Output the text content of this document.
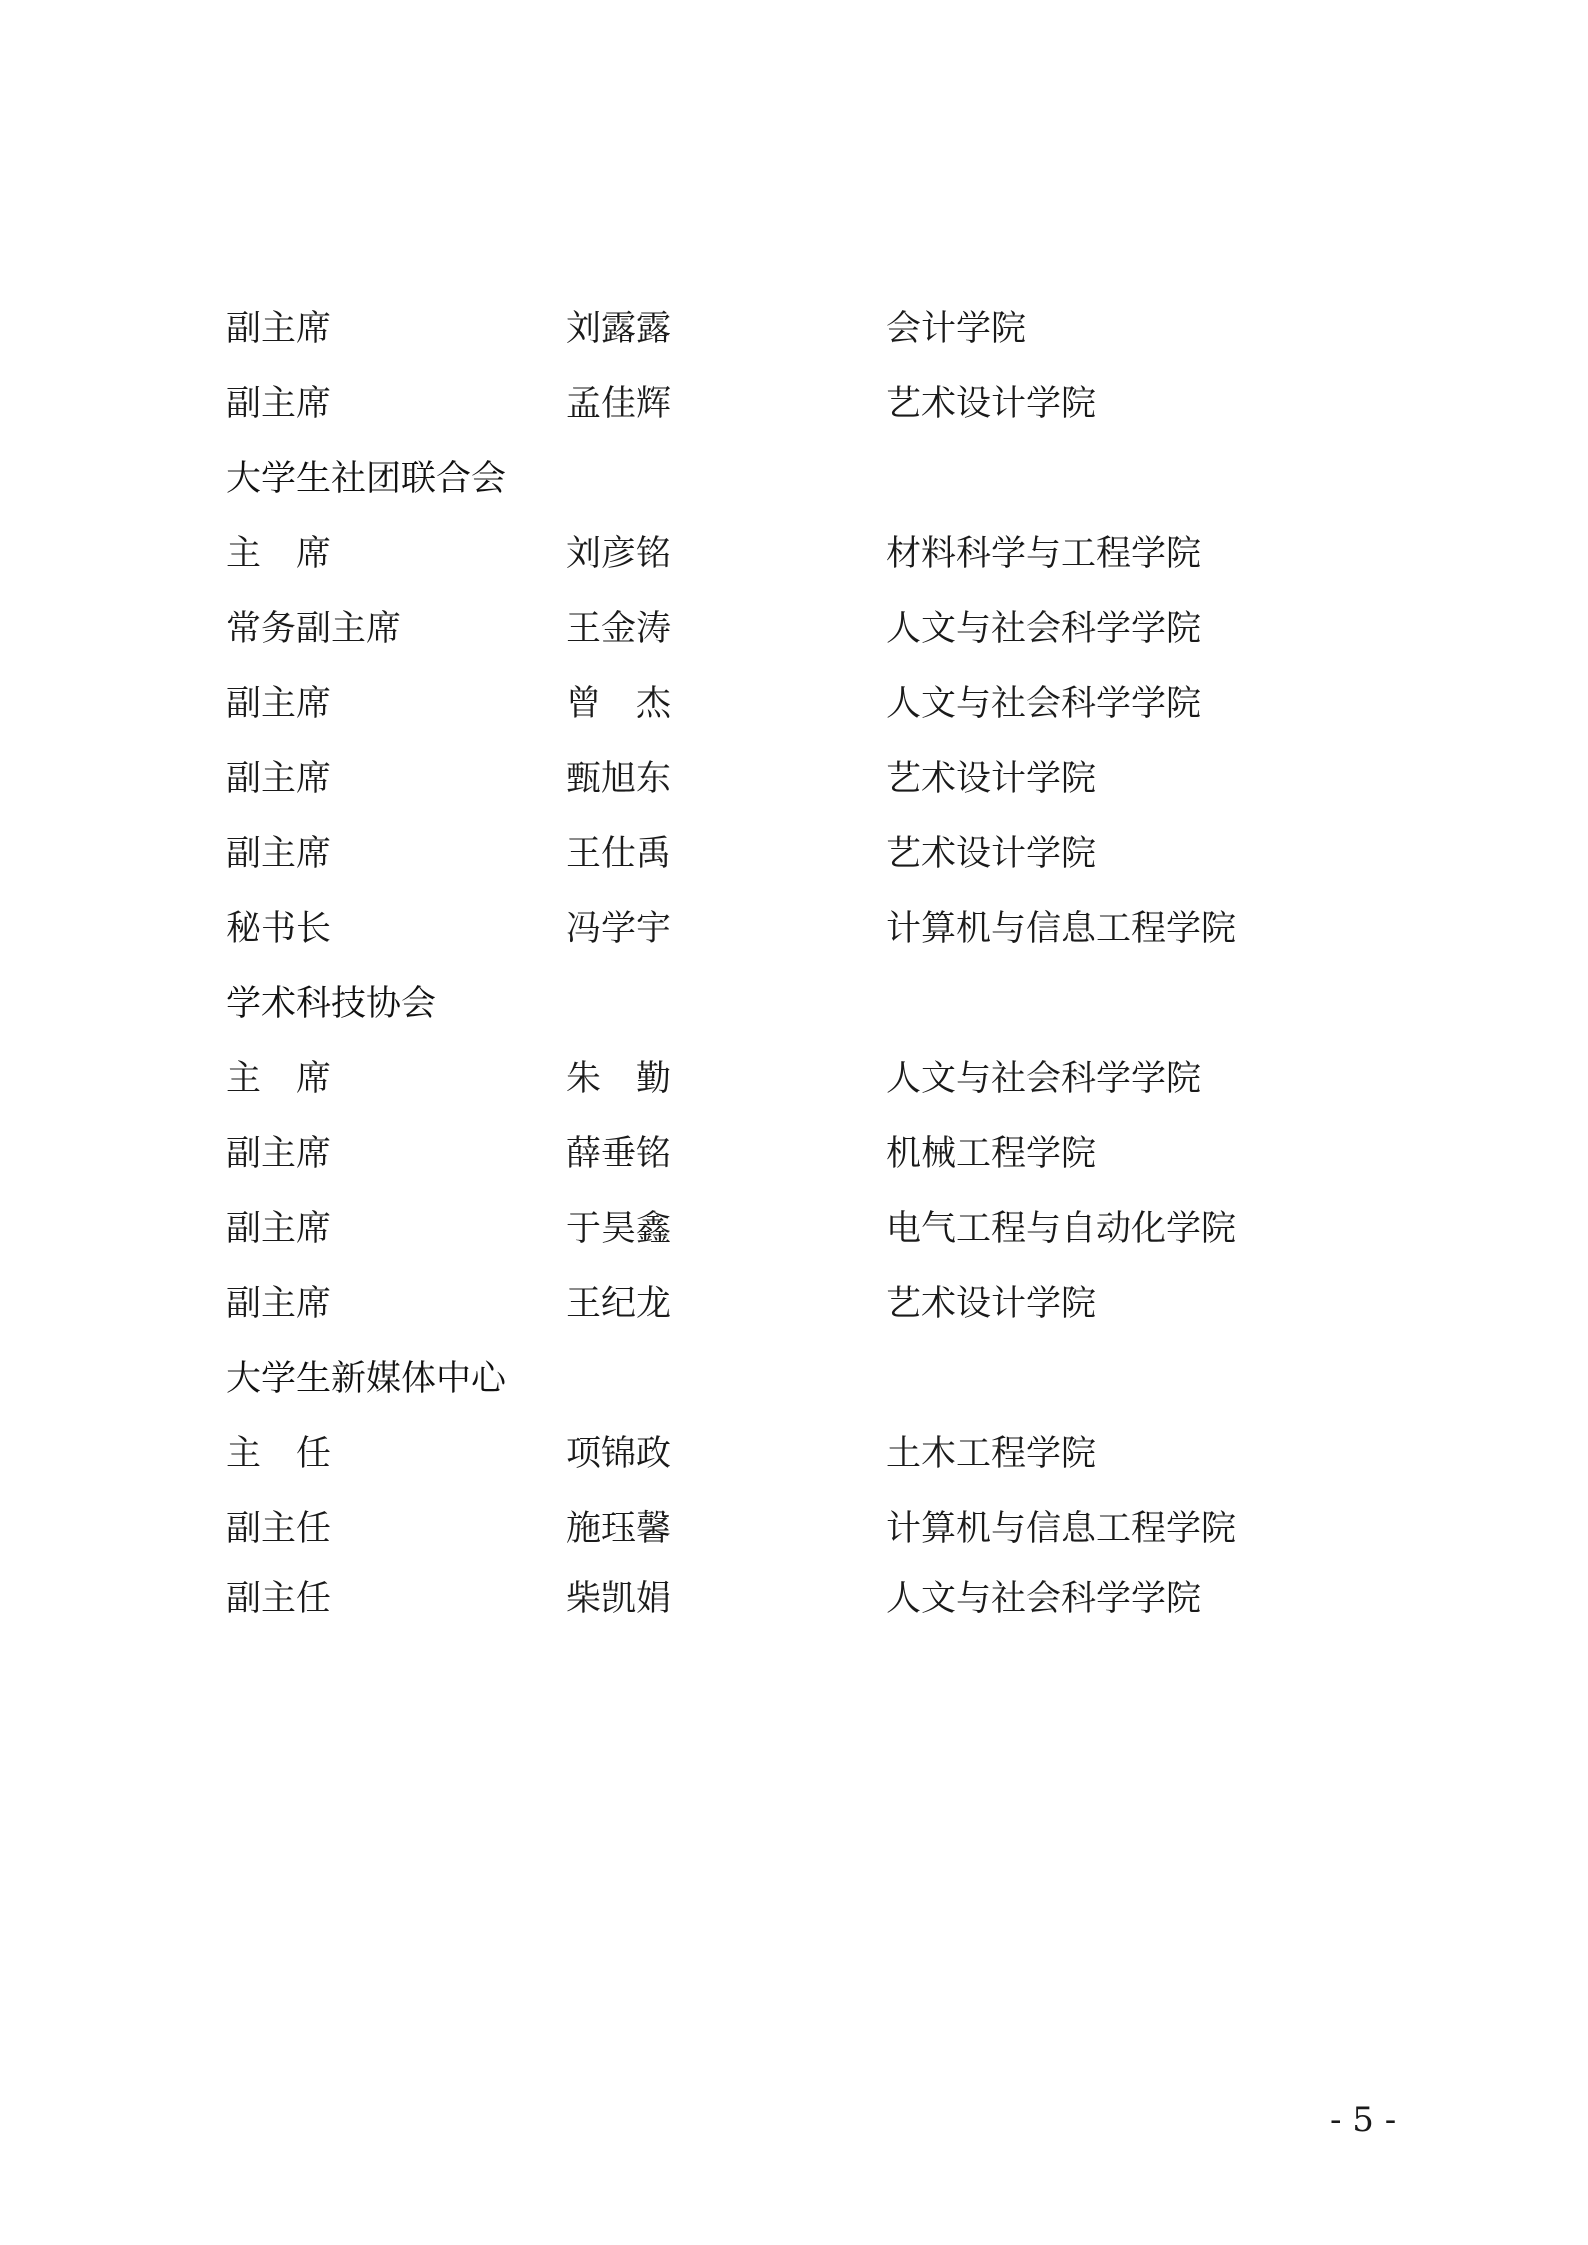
副主席	刘露露	会计学院
副主席	孟佳辉	艺术设计学院
大学生社团联合会
主　席	刘彦铭	材料科学与工程学院
常务副主席	王金涛	人文与社会科学学院
副主席	曾　杰	人文与社会科学学院
副主席	甄旭东	艺术设计学院
副主席	王仕禹	艺术设计学院
秘书长	冯学宇	计算机与信息工程学院
学术科技协会
主　席	朱　勤	人文与社会科学学院
副主席	薛垂铭	机械工程学院
副主席	于昊鑫	电气工程与自动化学院
副主席	王纪龙	艺术设计学院
大学生新媒体中心
主　任	项锦政	土木工程学院
副主任	施珏馨	计算机与信息工程学院
副主任	柴凯娟	人文与社会科学学院
- 5 -
